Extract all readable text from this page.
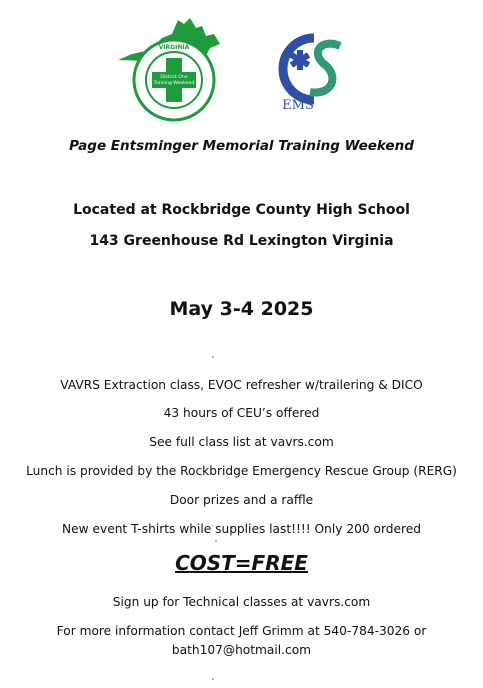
VIRGINIA
District One
Training Weekend
EMS
Page Entsminger Memorial Training Weekend
Located at Rockbridge County High School
143 Greenhouse Rd Lexington Virginia
May 3-4 2025
VAVRS Extraction class, EVOC refresher w/trailering & DICO
43 hours of CEU’s offered
See full class list at vavrs.com
Lunch is provided by the Rockbridge Emergency Rescue Group (RERG)
Door prizes and a raffle
New event T-shirts while supplies last!!!! Only 200 ordered
COST=FREE
Sign up for Technical classes at vavrs.com
For more information contact Jeff Grimm at 540-784-3026 or
bath107@hotmail.com
